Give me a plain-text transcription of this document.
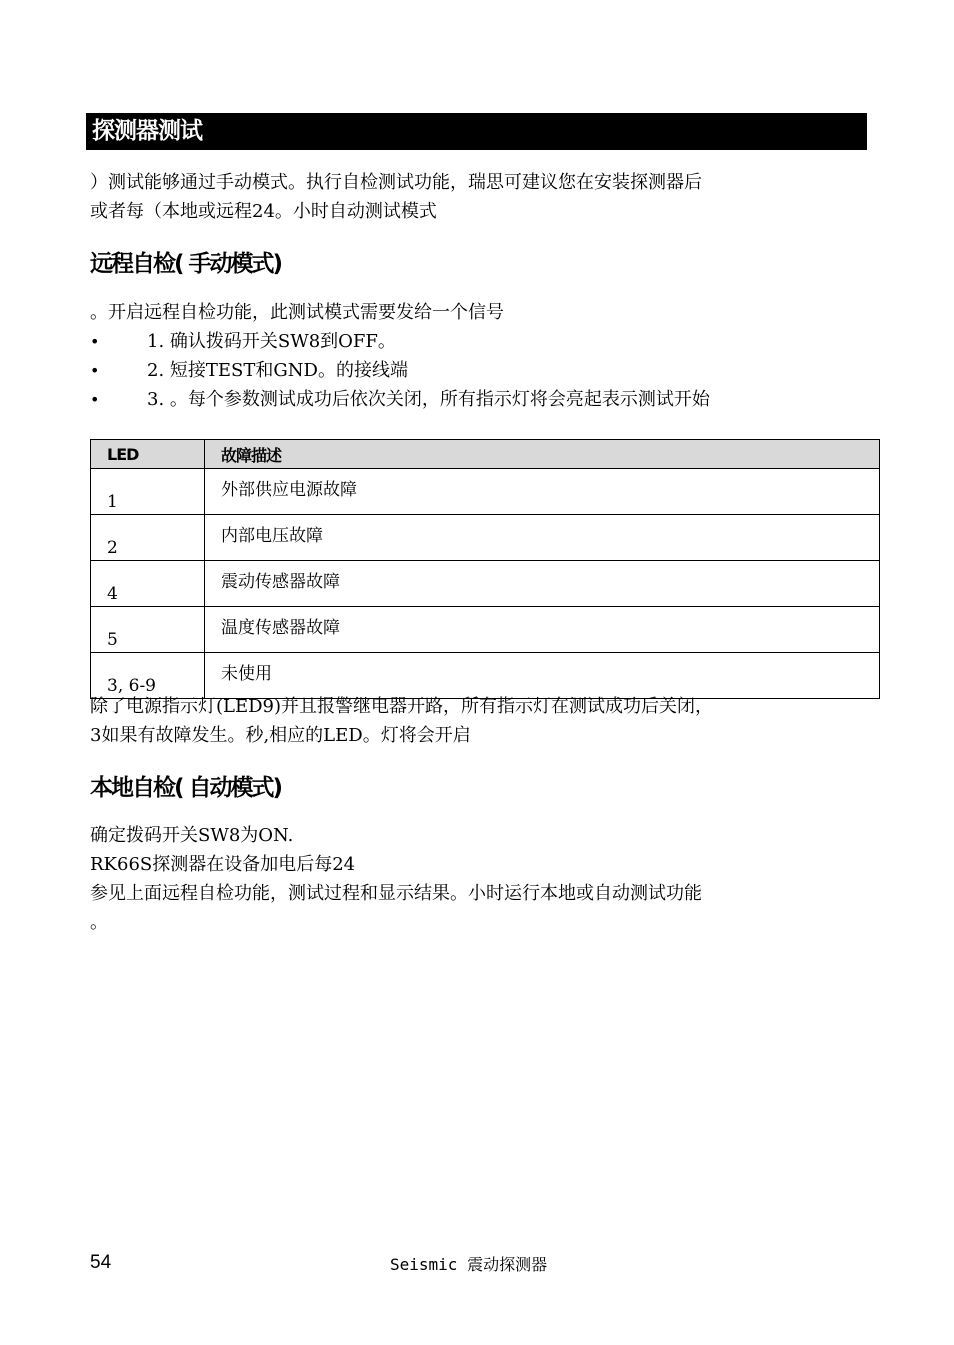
探测器测试
）测试能够通过手动模式。执行自检测试功能，瑞思可建议您在安装探测器后
或者每（本地或远程24。小时自动测试模式
远程自检( 手动模式)
。开启远程自检功能，此测试模式需要发给一个信号
•	1. 确认拨码开关SW8到OFF。
•	2. 短接TEST和GND。的接线端
•	3. 。每个参数测试成功后依次关闭，所有指示灯将会亮起表示测试开始
LED	故障描述
1	外部供应电源故障
2	内部电压故障
4	震动传感器故障
5	温度传感器故障
3, 6-9	未使用
除了电源指示灯(LED9)并且报警继电器开路，所有指示灯在测试成功后关闭，
3如果有故障发生。秒,相应的LED。灯将会开启
本地自检( 自动模式)
确定拨码开关SW8为ON.
RK66S探测器在设备加电后每24
参见上面远程自检功能，测试过程和显示结果。小时运行本地或自动测试功能
。
54	Seismic 震动探测器
